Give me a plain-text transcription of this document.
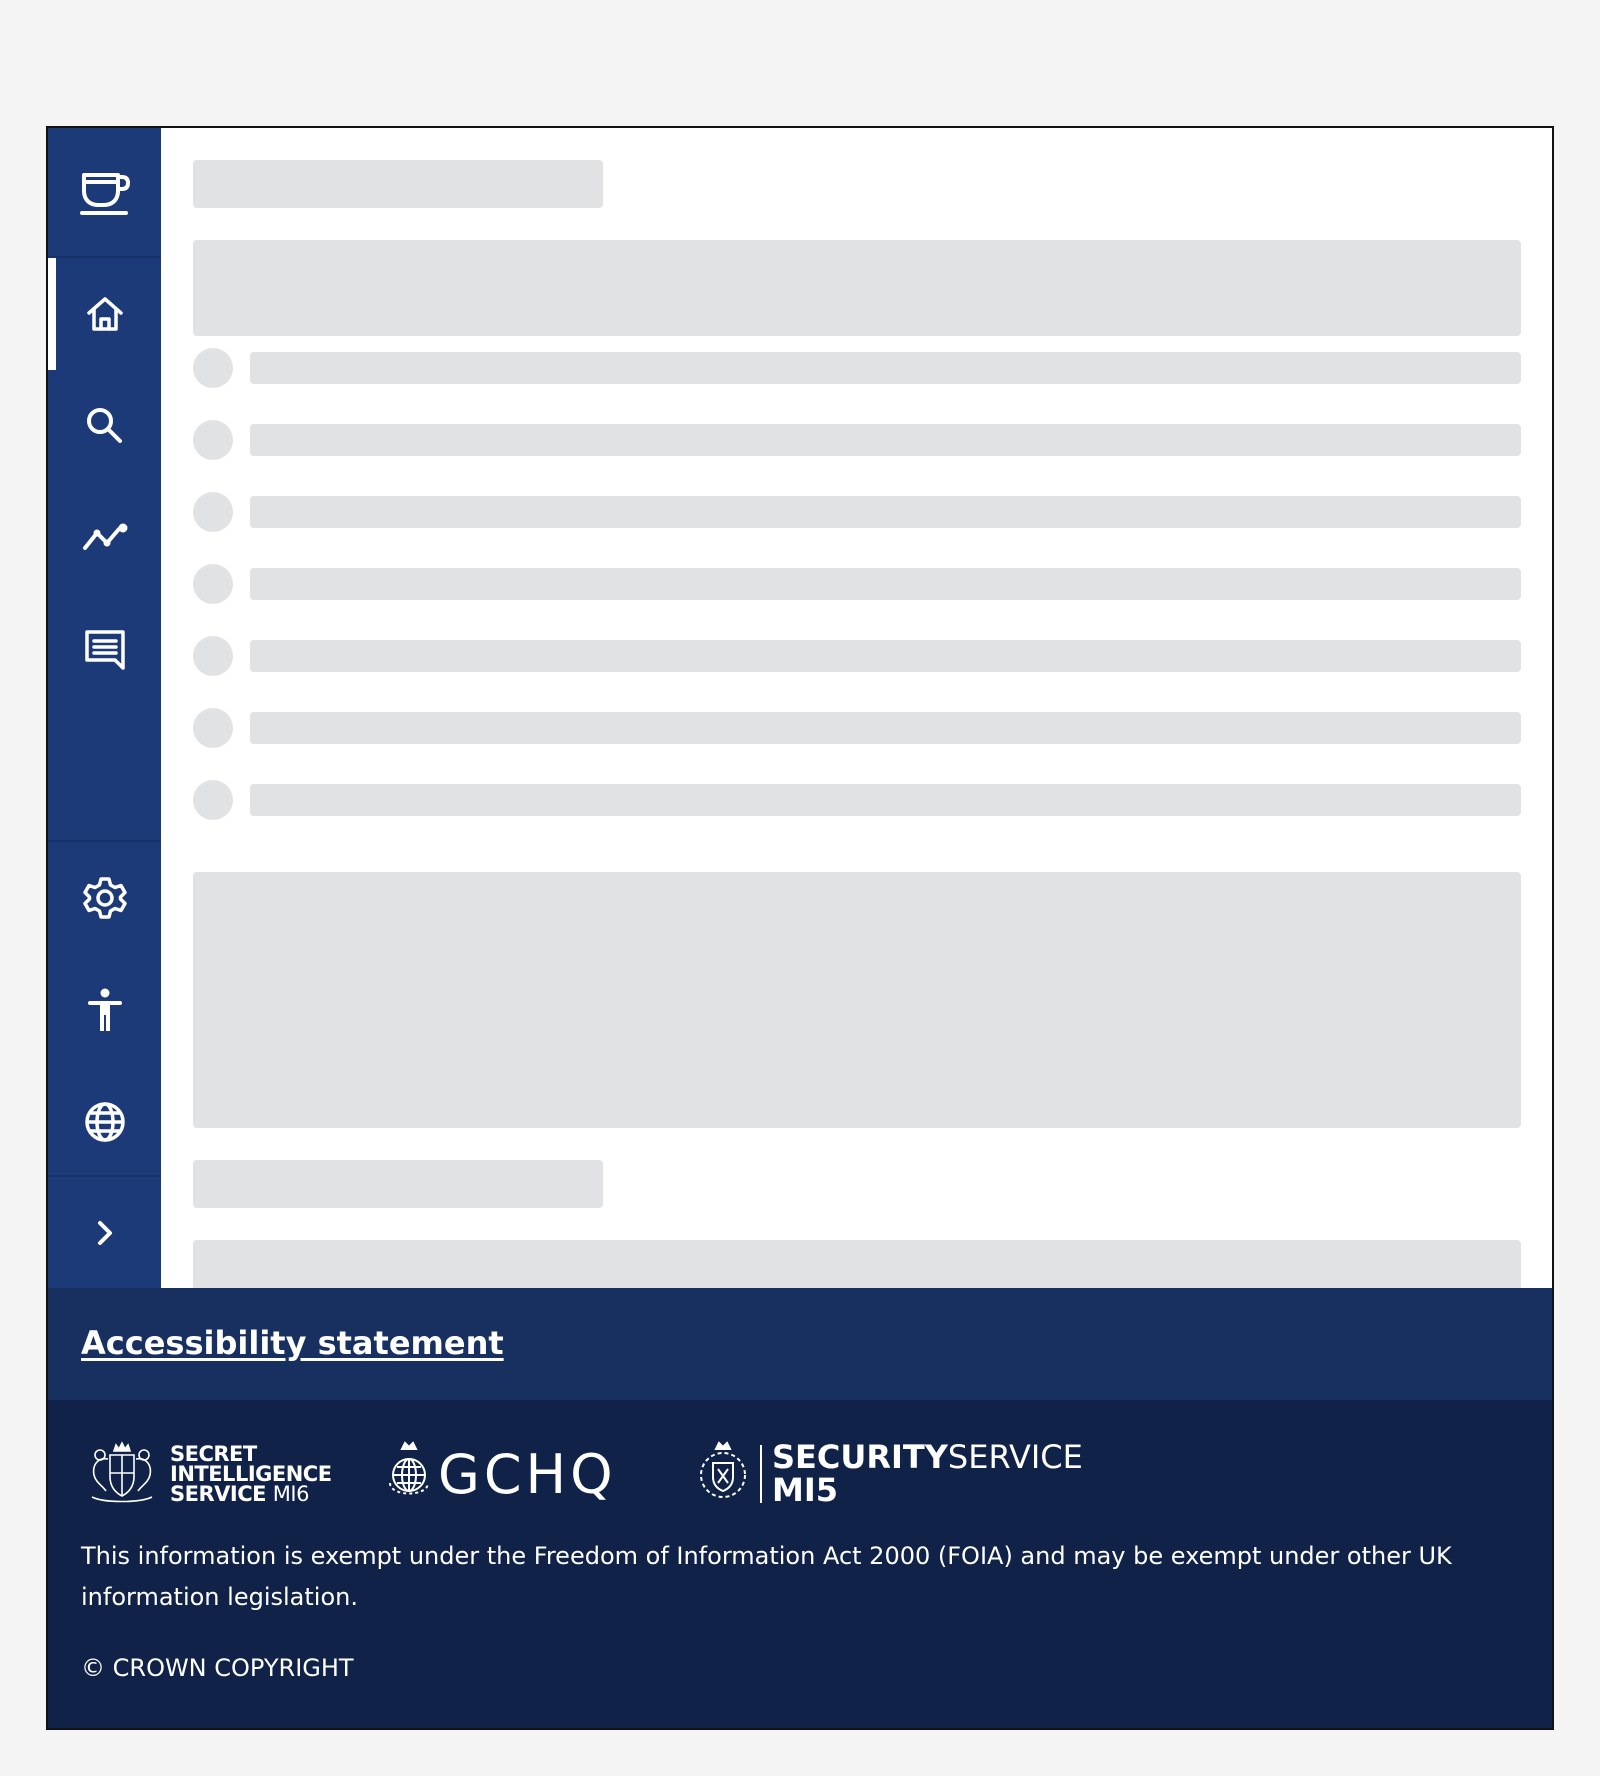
Accessibility statement
SECRET
INTELLIGENCE
SERVICE MI6	GCHQ	SECURITYSERVICE
MI5

This information is exempt under the Freedom of Information Act 2000 (FOIA) and may be exempt under other UK information legislation.

© CROWN COPYRIGHT
